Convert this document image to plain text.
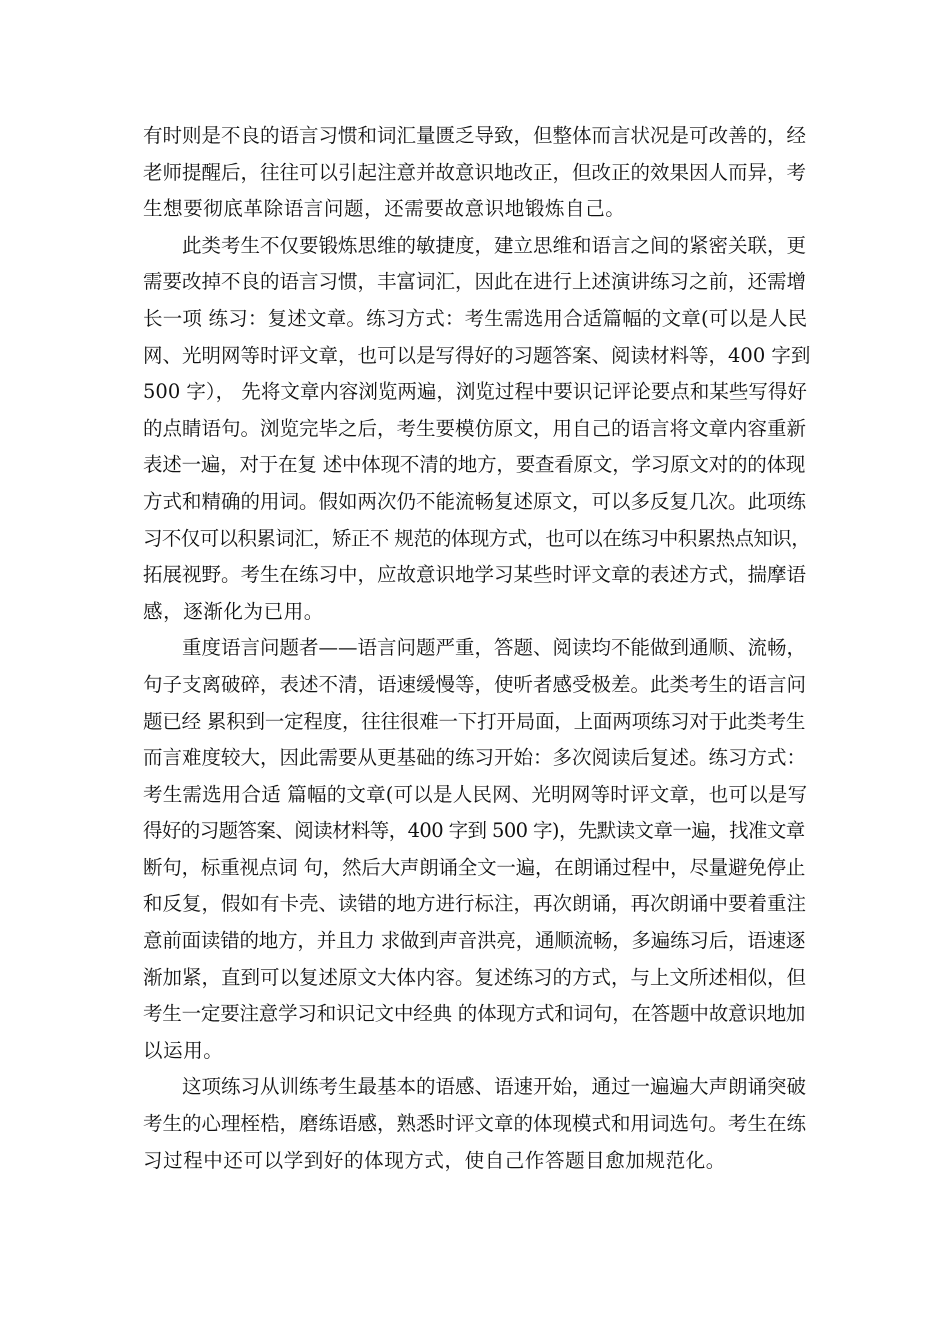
有时则是不良的语言习惯和词汇量匮乏导致，但整体而言状况是可改善的，经
老师提醒后，往往可以引起注意并故意识地改正，但改正的效果因人而异，考
生想要彻底革除语言问题，还需要故意识地锻炼自己。
此类考生不仅要锻炼思维的敏捷度，建立思维和语言之间的紧密关联，更
需要改掉不良的语言习惯，丰富词汇，因此在进行上述演讲练习之前，还需增
长一项 练习：复述文章。练习方式：考生需选用合适篇幅的文章(可以是人民
网、光明网等时评文章，也可以是写得好的习题答案、阅读材料等，400 字到
500 字）， 先将文章内容浏览两遍，浏览过程中要识记评论要点和某些写得好
的点睛语句。浏览完毕之后，考生要模仿原文，用自己的语言将文章内容重新
表述一遍，对于在复 述中体现不清的地方，要查看原文，学习原文对的的体现
方式和精确的用词。假如两次仍不能流畅复述原文，可以多反复几次。此项练
习不仅可以积累词汇，矫正不 规范的体现方式，也可以在练习中积累热点知识，
拓展视野。考生在练习中，应故意识地学习某些时评文章的表述方式，揣摩语
感，逐渐化为已用。
重度语言问题者——语言问题严重，答题、阅读均不能做到通顺、流畅，
句子支离破碎，表述不清，语速缓慢等，使听者感受极差。此类考生的语言问
题已经 累积到一定程度，往往很难一下打开局面，上面两项练习对于此类考生
而言难度较大，因此需要从更基础的练习开始：多次阅读后复述。练习方式：
考生需选用合适 篇幅的文章(可以是人民网、光明网等时评文章，也可以是写
得好的习题答案、阅读材料等，400 字到 500 字)，先默读文章一遍，找准文章
断句，标重视点词 句，然后大声朗诵全文一遍，在朗诵过程中，尽量避免停止
和反复，假如有卡壳、读错的地方进行标注，再次朗诵，再次朗诵中要着重注
意前面读错的地方，并且力 求做到声音洪亮，通顺流畅，多遍练习后，语速逐
渐加紧，直到可以复述原文大体内容。复述练习的方式，与上文所述相似，但
考生一定要注意学习和识记文中经典 的体现方式和词句，在答题中故意识地加
以运用。
这项练习从训练考生最基本的语感、语速开始，通过一遍遍大声朗诵突破
考生的心理桎梏，磨练语感，熟悉时评文章的体现模式和用词选句。考生在练
习过程中还可以学到好的体现方式，使自己作答题目愈加规范化。
